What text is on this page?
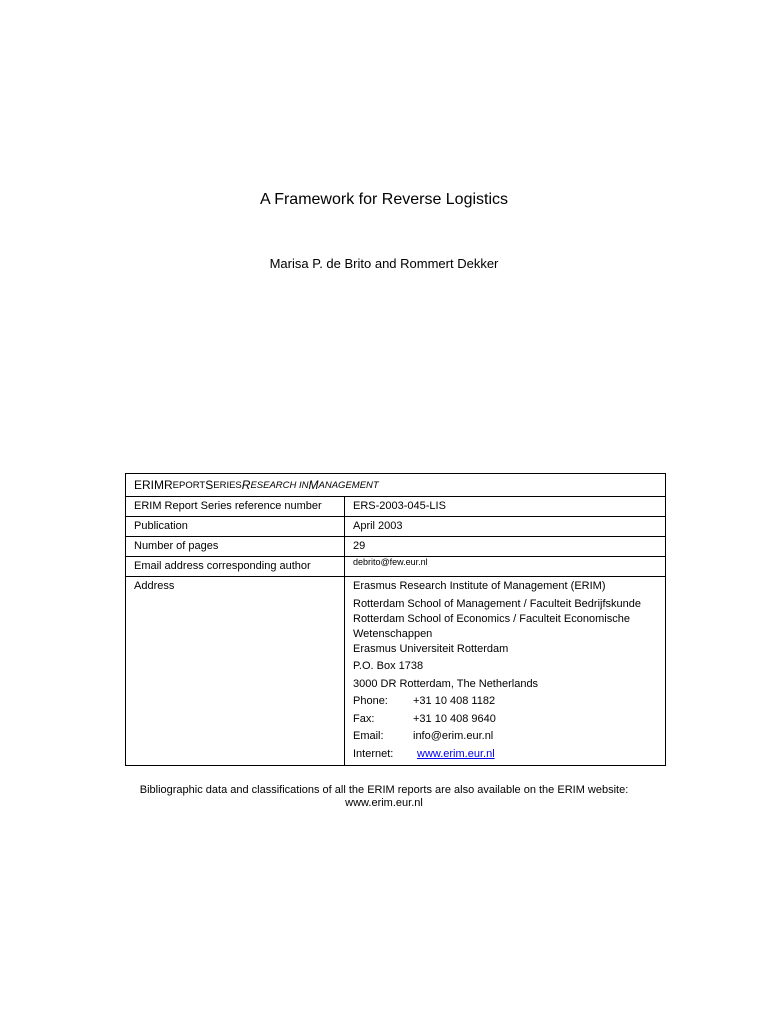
A Framework for Reverse Logistics
Marisa P. de Brito and Rommert Dekker
ERIM R EPORT S ERIES R ESEARCH IN M ANAGEMENT
ERIM Report Series reference number	ERS-2003-045-LIS
Publication	April 2003
Number of pages	29
Email address corresponding author	debrito@few.eur.nl
Address	Erasmus Research Institute of Management (ERIM)
Rotterdam School of Management / Faculteit Bedrijfskunde
Rotterdam School of Economics / Faculteit Economische
Wetenschappen
Erasmus Universiteit Rotterdam
P.O. Box 1738
3000 DR Rotterdam, The Netherlands
Phone:	+31 10 408 1182
Fax:	+31 10 408 9640
Email:	info@erim.eur.nl
Internet:	www.erim.eur.nl
Bibliographic data and classifications of all the ERIM reports are also available on the ERIM website:
www.erim.eur.nl
